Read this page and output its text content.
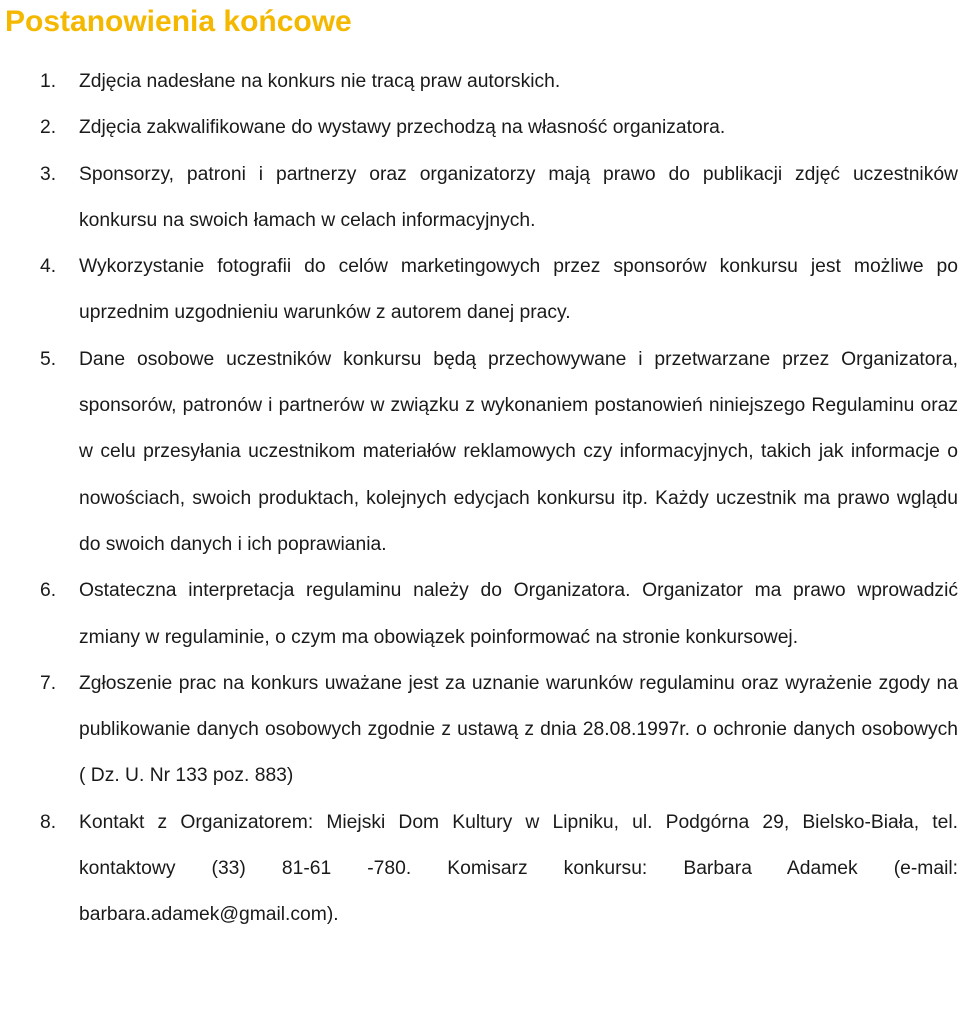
Postanowienia końcowe
1.	Zdjęcia nadesłane na konkurs nie tracą praw autorskich.
2.	Zdjęcia zakwalifikowane do wystawy przechodzą na własność organizatora.
3.	Sponsorzy, patroni i partnerzy oraz organizatorzy mają prawo do publikacji zdjęć uczestników konkursu na swoich łamach w celach informacyjnych.
4.	Wykorzystanie fotografii do celów marketingowych przez sponsorów konkursu jest możliwe po uprzednim uzgodnieniu warunków z autorem danej pracy.
5.	Dane osobowe uczestników konkursu będą przechowywane i przetwarzane przez Organizatora, sponsorów, patronów i partnerów w związku z wykonaniem postanowień niniejszego Regulaminu oraz w celu przesyłania uczestnikom materiałów reklamowych czy informacyjnych, takich jak informacje o nowościach, swoich produktach, kolejnych edycjach konkursu itp. Każdy uczestnik ma prawo wglądu do swoich danych i ich poprawiania.
6.	Ostateczna interpretacja regulaminu należy do Organizatora. Organizator ma prawo wprowadzić zmiany w regulaminie, o czym ma obowiązek poinformować na stronie konkursowej.
7.	Zgłoszenie prac na konkurs uważane jest za uznanie warunków regulaminu oraz wyrażenie zgody na publikowanie danych osobowych zgodnie z ustawą z dnia 28.08.1997r. o ochronie danych osobowych ( Dz. U. Nr 133 poz. 883)
8.	Kontakt z Organizatorem: Miejski Dom Kultury w Lipniku, ul. Podgórna 29, Bielsko-Biała, tel. kontaktowy (33) 81-61 -780. Komisarz konkursu: Barbara Adamek (e-mail: barbara.adamek@gmail.com).
